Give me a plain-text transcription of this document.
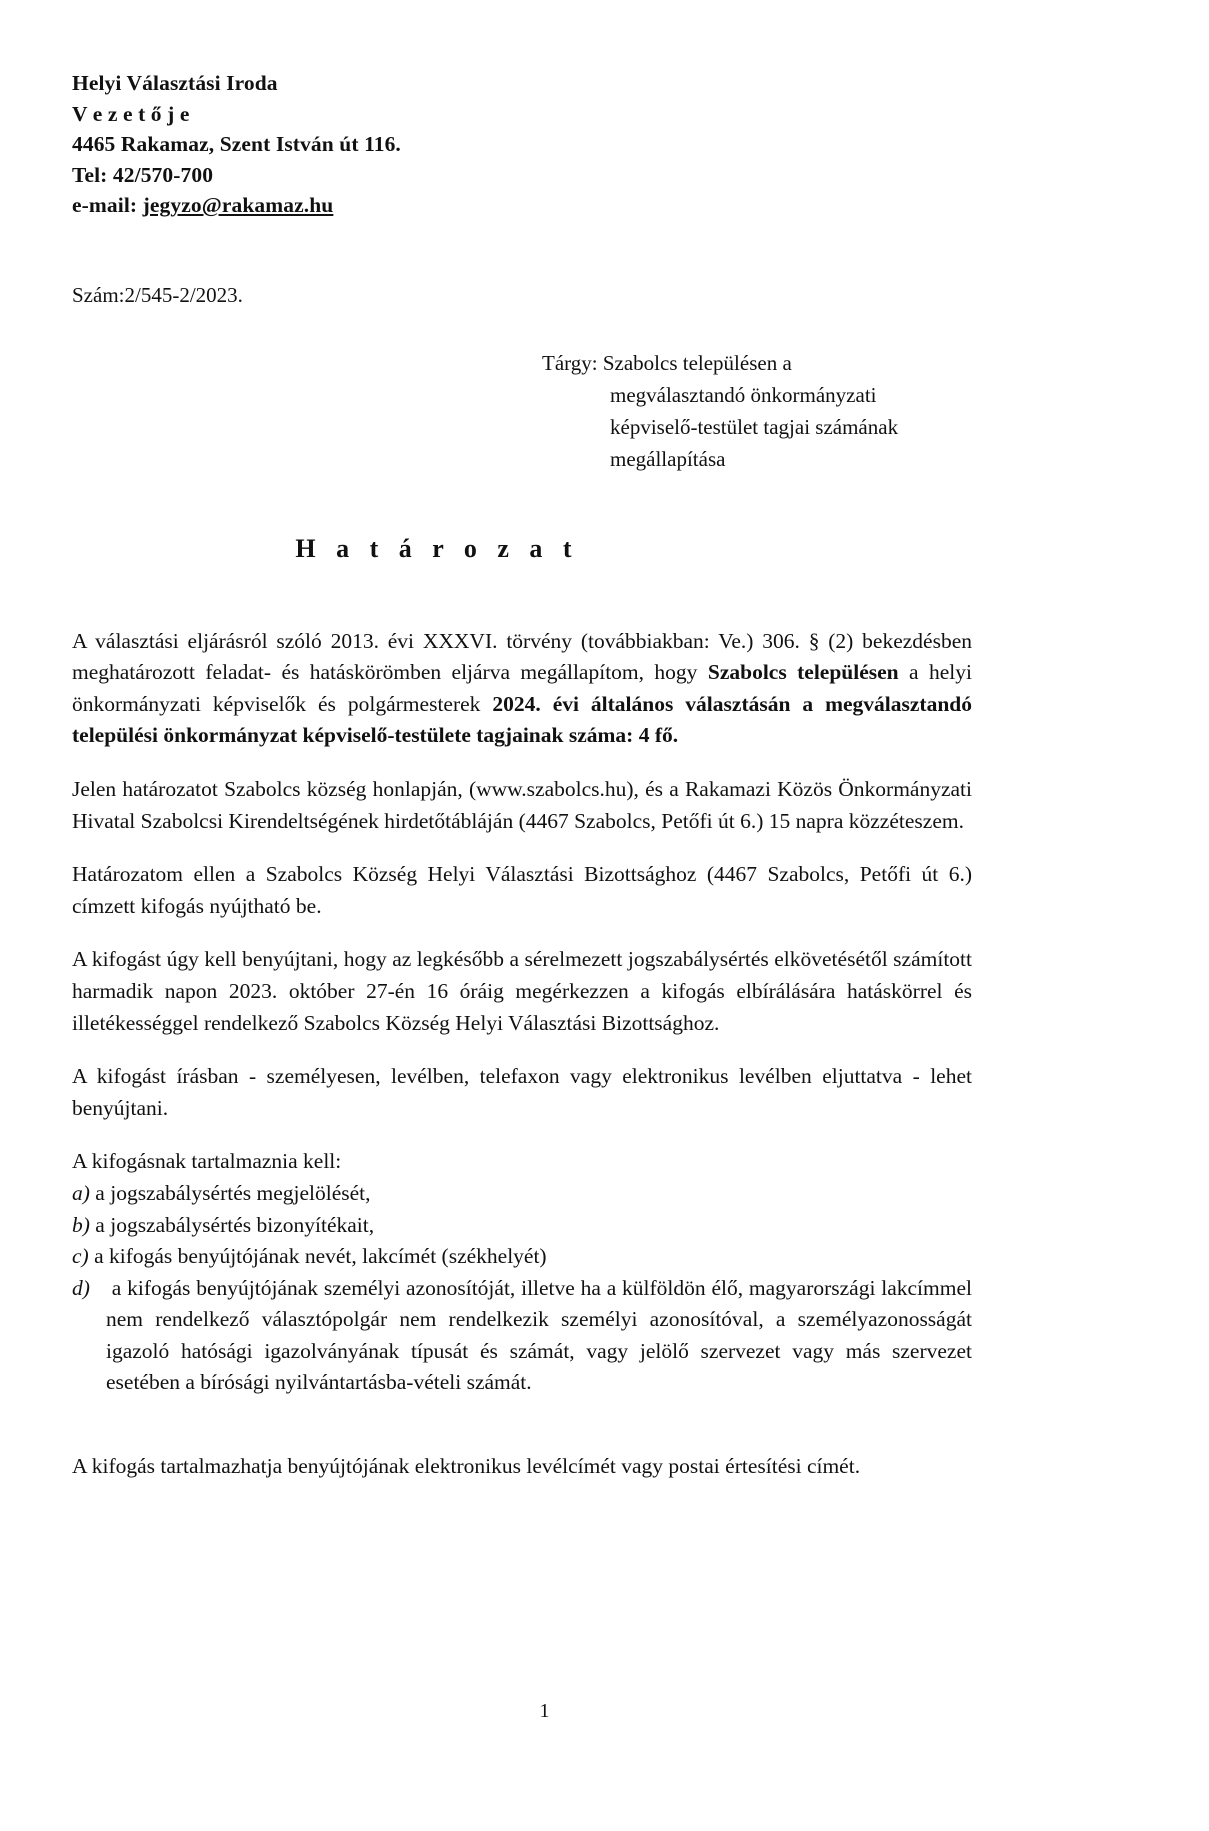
Helyi Választási Iroda
V e z e t ő j e
4465 Rakamaz, Szent István út 116.
Tel: 42/570-700
e-mail: jegyzo@rakamaz.hu
Szám:2/545-2/2023.
Tárgy: Szabolcs településen a
megválasztandó önkormányzati
képviselő-testület tagjai számának
megállapítása
H a t á r o z a t

A választási eljárásról szóló 2013. évi XXXVI. törvény (továbbiakban: Ve.) 306. § (2) bekezdésben meghatározott feladat- és hatáskörömben eljárva megállapítom, hogy Szabolcs településen a helyi önkormányzati képviselők és polgármesterek 2024. évi általános választásán a megválasztandó települési önkormányzat képviselő-testülete tagjainak száma: 4 fő.

Jelen határozatot Szabolcs község honlapján, (www.szabolcs.hu), és a Rakamazi Közös Önkormányzati Hivatal Szabolcsi Kirendeltségének hirdetőtábláján (4467 Szabolcs, Petőfi út 6.) 15 napra közzéteszem.

Határozatom ellen a Szabolcs Község Helyi Választási Bizottsághoz (4467 Szabolcs, Petőfi út 6.) címzett kifogás nyújtható be.

A kifogást úgy kell benyújtani, hogy az legkésőbb a sérelmezett jogszabálysértés elkövetésétől számított harmadik napon 2023. október 27-én 16 óráig megérkezzen a kifogás elbírálására hatáskörrel és illetékességgel rendelkező Szabolcs Község Helyi Választási Bizottsághoz.

A kifogást írásban - személyesen, levélben, telefaxon vagy elektronikus levélben eljuttatva - lehet benyújtani.

A kifogásnak tartalmaznia kell:

a) a jogszabálysértés megjelölését,
b) a jogszabálysértés bizonyítékait,
c) a kifogás benyújtójának nevét, lakcímét (székhelyét)
d) a kifogás benyújtójának személyi azonosítóját, illetve ha a külföldön élő, magyarországi lakcímmel nem rendelkező választópolgár nem rendelkezik személyi azonosítóval, a személyazonosságát igazoló hatósági igazolványának típusát és számát, vagy jelölő szervezet vagy más szervezet esetében a bírósági nyilvántartásba-vételi számát.

A kifogás tartalmazhatja benyújtójának elektronikus levélcímét vagy postai értesítési címét.

1
